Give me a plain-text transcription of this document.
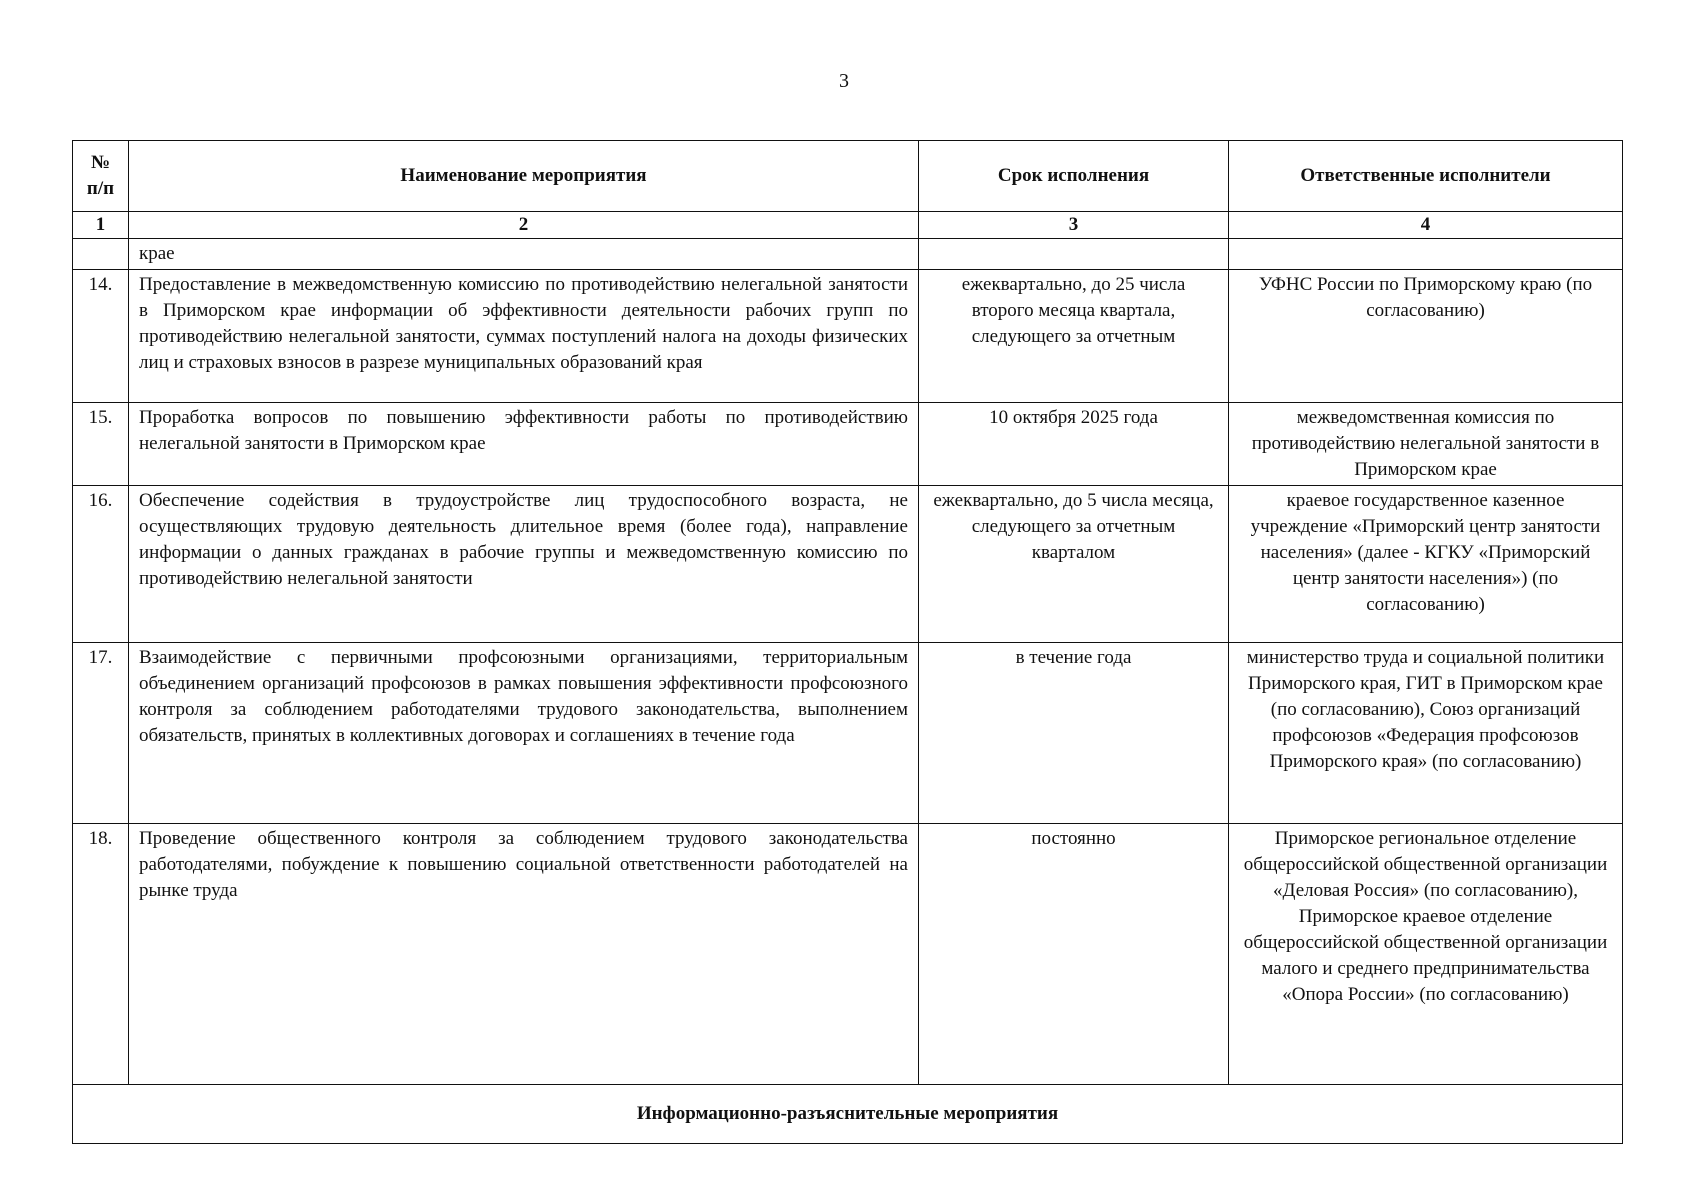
3
№ п/п	Наименование мероприятия	Срок исполнения	Ответственные исполнители
1	2	3	4
	крае		
14.	Предоставление в межведомственную комиссию по противодействию нелегальной занятости в Приморском крае информации об эффективности деятельности рабочих групп по противодействию нелегальной занятости, суммах поступлений налога на доходы физических лиц и страховых взносов в разрезе муниципальных образований края	ежеквартально, до 25 числа второго месяца квартала, следующего за отчетным	УФНС России по Приморскому краю (по согласованию)
15.	Проработка вопросов по повышению эффективности работы по противодействию нелегальной занятости в Приморском крае	10 октября 2025 года	межведомственная комиссия по противодействию нелегальной занятости в Приморском крае
16.	Обеспечение содействия в трудоустройстве лиц трудоспособного возраста, не осуществляющих трудовую деятельность длительное время (более года), направление информации о данных гражданах в рабочие группы и межведомственную комиссию по противодействию нелегальной занятости	ежеквартально, до 5 числа месяца, следующего за отчетным кварталом	краевое государственное казенное учреждение «Приморский центр занятости населения» (далее - КГКУ «Приморский центр занятости населения») (по согласованию)
17.	Взаимодействие с первичными профсоюзными организациями, территориальным объединением организаций профсоюзов в рамках повышения эффективности профсоюзного контроля за соблюдением работодателями трудового законодательства, выполнением обязательств, принятых в коллективных договорах и соглашениях в течение года	в течение года	министерство труда и социальной политики Приморского края, ГИТ в Приморском крае (по согласованию), Союз организаций профсоюзов «Федерация профсоюзов Приморского края» (по согласованию)
18.	Проведение общественного контроля за соблюдением трудового законодательства работодателями, побуждение к повышению социальной ответственности работодателей на рынке труда	постоянно	Приморское региональное отделение общероссийской общественной организации «Деловая Россия» (по согласованию), Приморское краевое отделение общероссийской общественной организации малого и среднего предпринимательства «Опора России» (по согласованию)
Информационно-разъяснительные мероприятия			
